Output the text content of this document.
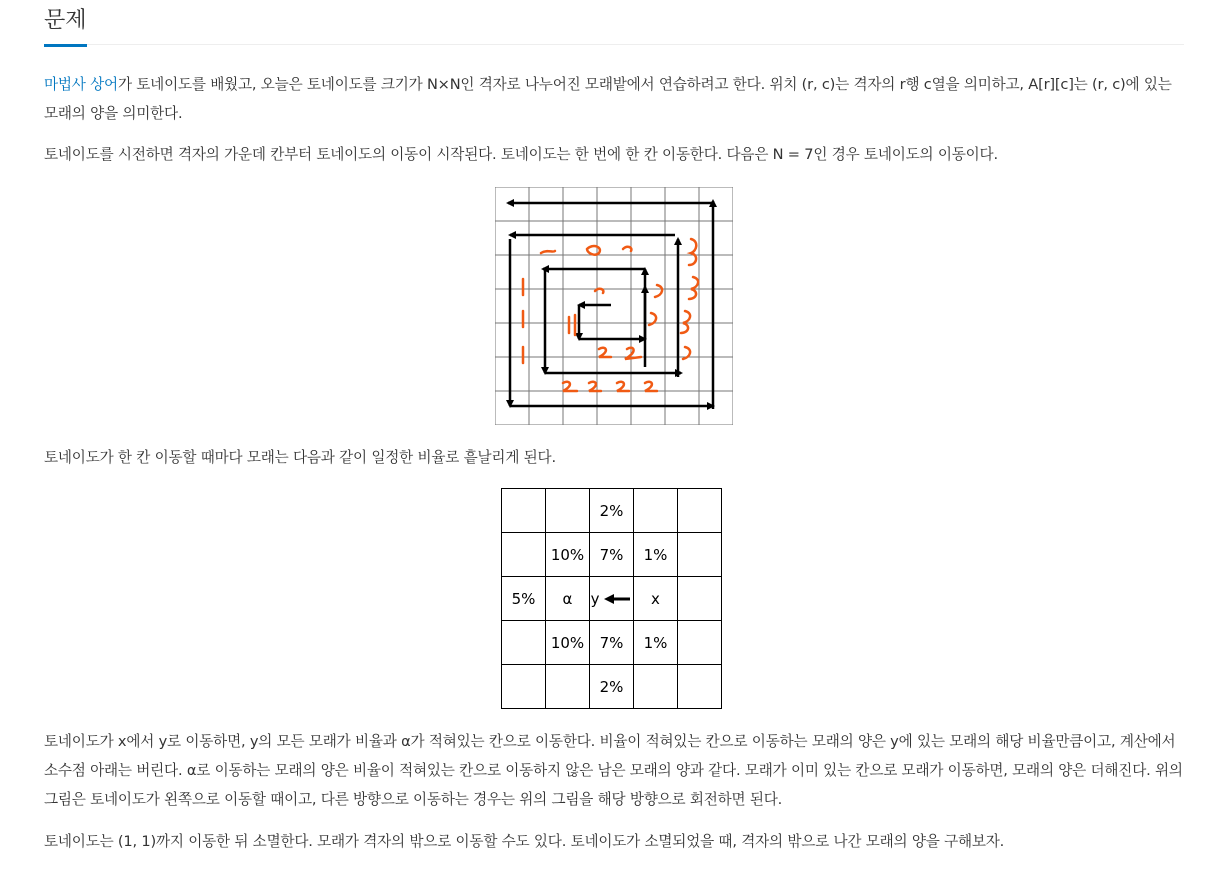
문제

마법사 상어가 토네이도를 배웠고, 오늘은 토네이도를 크기가 N×N인 격자로 나누어진 모래밭에서 연습하려고 한다. 위치 (r, c)는 격자의 r행 c열을 의미하고, A[r][c]는 (r, c)에 있는 모래의 양을 의미한다.

토네이도를 시전하면 격자의 가운데 칸부터 토네이도의 이동이 시작된다. 토네이도는 한 번에 한 칸 이동한다. 다음은 N = 7인 경우 토네이도의 이동이다.

토네이도가 한 칸 이동할 때마다 모래는 다음과 같이 일정한 비율로 흩날리게 된다.

		2%		
	10%	7%	1%	
5%	α	y	x	
	10%	7%	1%	
		2%		

토네이도가 x에서 y로 이동하면, y의 모든 모래가 비율과 α가 적혀있는 칸으로 이동한다. 비율이 적혀있는 칸으로 이동하는 모래의 양은 y에 있는 모래의 해당 비율만큼이고, 계산에서 소수점 아래는 버린다. α로 이동하는 모래의 양은 비율이 적혀있는 칸으로 이동하지 않은 남은 모래의 양과 같다. 모래가 이미 있는 칸으로 모래가 이동하면, 모래의 양은 더해진다. 위의 그림은 토네이도가 왼쪽으로 이동할 때이고, 다른 방향으로 이동하는 경우는 위의 그림을 해당 방향으로 회전하면 된다.

토네이도는 (1, 1)까지 이동한 뒤 소멸한다. 모래가 격자의 밖으로 이동할 수도 있다. 토네이도가 소멸되었을 때, 격자의 밖으로 나간 모래의 양을 구해보자.
